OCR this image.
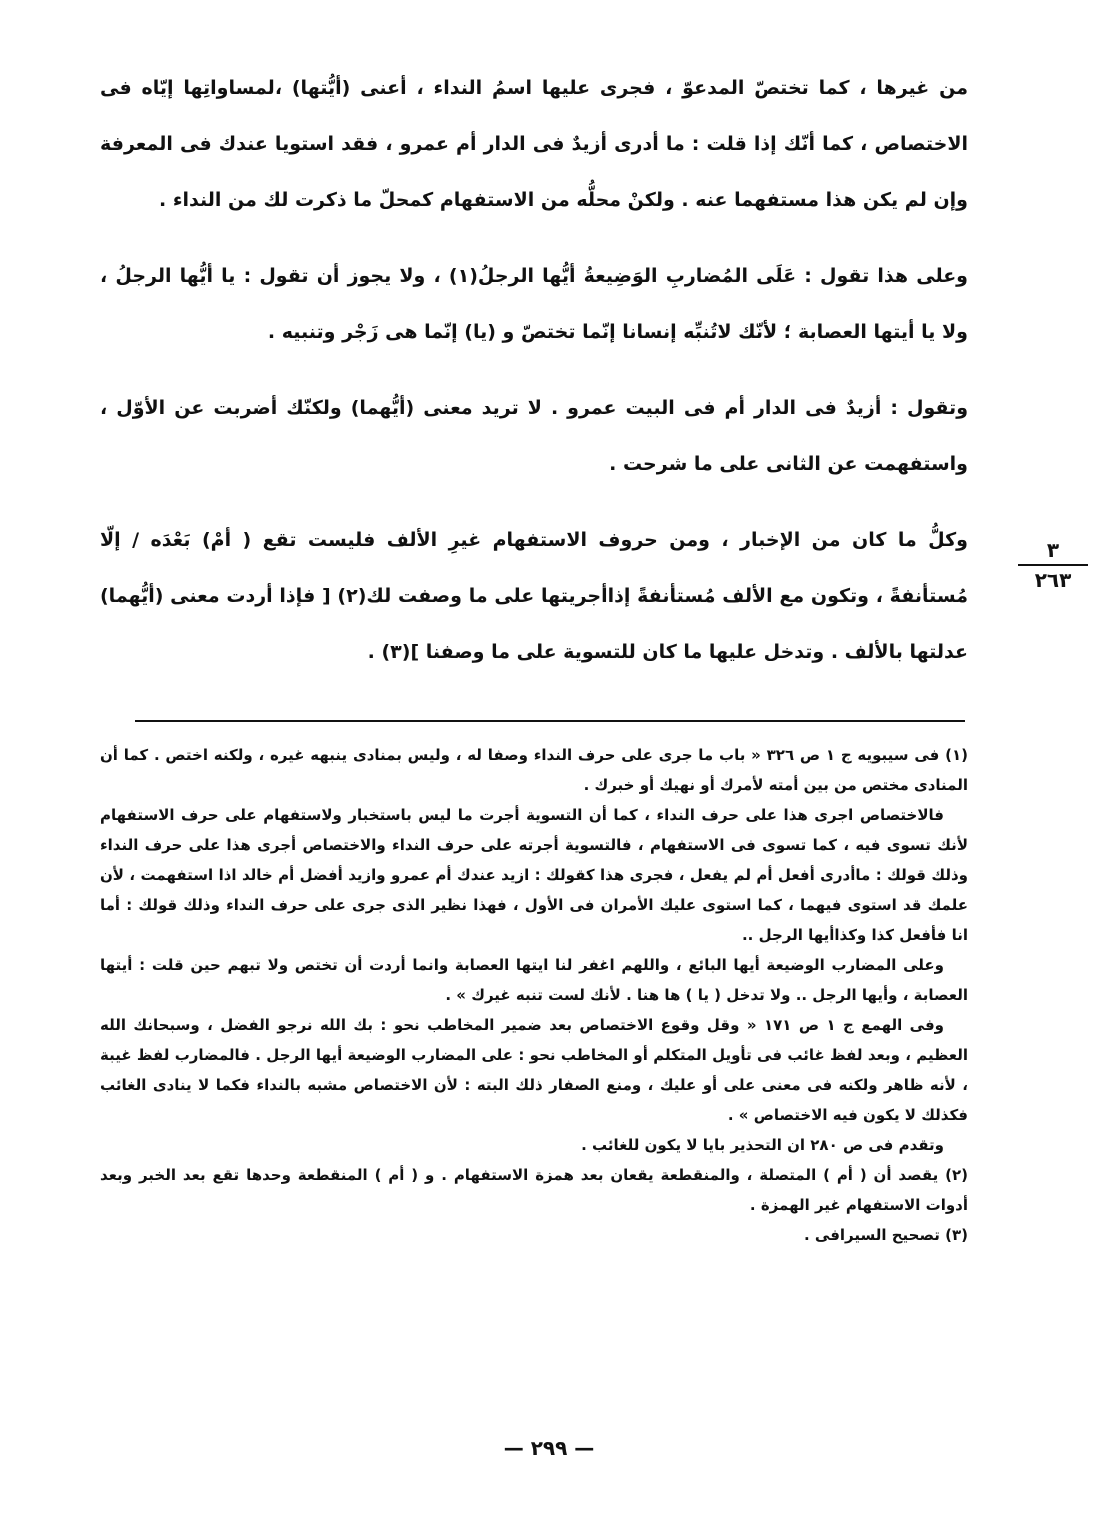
من غيرها ، كما تختصّ المدعوّ ، فجرى عليها اسمُ النداء ، أعنى (أيُّتها) ،لمساواتِها إيّاه فى الاختصاص ، كما أنّك إذا قلت : ما أدرى أزيدٌ فى الدار أم عمرو ، فقد استويا عندك فى المعرفة وإن لم يكن هذا مستفهما عنه . ولكنْ محلُّه من الاستفهام كمحلّ ما ذكرت لك من النداء .

وعلى هذا تقول : عَلَى المُضاربِ الوَضِيعةُ أيُّها الرجلُ(١) ، ولا يجوز أن تقول : يا أيُّها الرجلُ ، ولا يا أيتها العصابة ؛ لأنّك لاتُنبِّه إنسانا إنّما تختصّ و (يا) إنّما هى زَجْر وتنبيه .

وتقول : أزيدٌ فى الدار أم فى البيت عمرو . لا تريد معنى (أيُّهما) ولكنّك أضربت عن الأوّل ، واستفهمت عن الثانى على ما شرحت .

وكلُّ ما كان من الإخبار ، ومن حروف الاستفهام غيرِ الألف فليست تقع ( أمْ) بَعْدَه / إلّا مُستأنفةً ، وتكون مع الألف مُستأنفةً إذاأجريتها على ما وصفت لك(٢) [ فإذا أردت معنى (أيُّهما) عدلتها بالألف . وتدخل عليها ما كان للتسوية على ما وصفنا ](٣) .

٣
٢٦٣

(١) فى سيبويه ج ١ ص ٣٢٦ « باب ما جرى على حرف النداء وصفا له ، وليس بمنادى ينبهه غيره ، ولكنه اختص . كما أن المنادى مختص من بين أمته لأمرك أو نهيك أو خبرك .

فالاختصاص اجرى هذا على حرف النداء ، كما أن التسوية أجرت ما ليس باستخبار ولاستفهام على حرف الاستفهام لأنك تسوى فيه ، كما تسوى فى الاستفهام ، فالتسوية أجرته على حرف النداء والاختصاص أجرى هذا على حرف النداء وذلك قولك : ماأدرى أفعل أم لم يفعل ، فجرى هذا كقولك : ازيد عندك أم عمرو وازيد أفضل أم خالد اذا استفهمت ، لأن علمك قد استوى فيهما ، كما استوى عليك الأمران فى الأول ، فهذا نظير الذى جرى على حرف النداء وذلك قولك : أما انا فأفعل كذا وكذاأيها الرجل ..

وعلى المضارب الوضيعة أيها البائع ، واللهم اغفر لنا ايتها العصابة وانما أردت أن تختص ولا تبهم حين قلت : أيتها العصابة ، وأيها الرجل .. ولا تدخل ( يا ) ها هنا . لأنك لست تنبه غيرك » .

وفى الهمع ج ١ ص ١٧١ « وقل وقوع الاختصاص بعد ضمير المخاطب نحو : بك الله نرجو الفضل ، وسبحانك الله العظيم ، وبعد لفظ غائب فى تأويل المتكلم أو المخاطب نحو : على المضارب الوضيعة أيها الرجل . فالمضارب لفظ غيبة ، لأنه ظاهر ولكنه فى معنى على أو عليك ، ومنع الصفار ذلك البته : لأن الاختصاص مشبه بالنداء فكما لا ينادى الغائب فكذلك لا يكون فيه الاختصاص » .

وتقدم فى ص ٢٨٠ ان التحذير بايا لا يكون للغائب .

(٢) يقصد أن ( أم ) المتصلة ، والمنقطعة يقعان بعد همزة الاستفهام . و ( أم ) المنقطعة وحدها تقع بعد الخبر وبعد أدوات الاستفهام غير الهمزة .

(٣) تصحيح السيرافى .

— ٢٩٩ —
